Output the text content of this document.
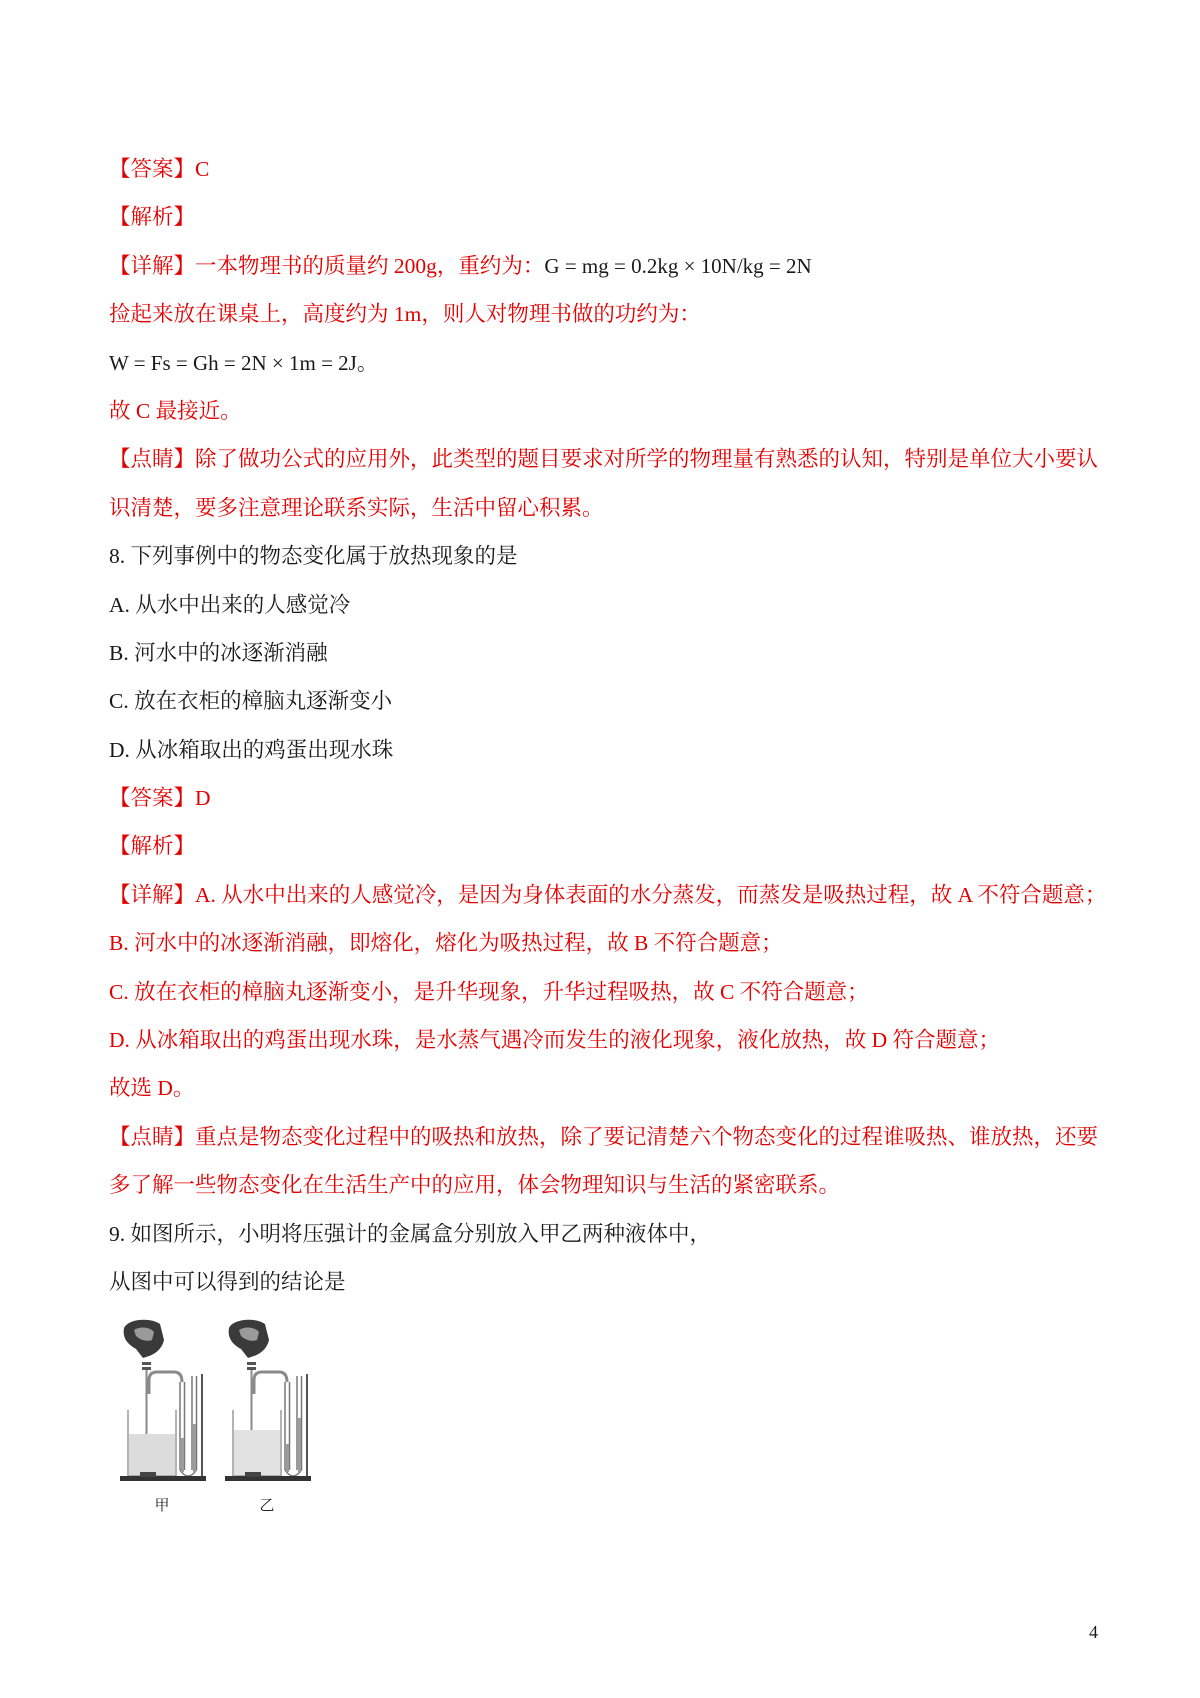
【答案】C
【解析】
【详解】一本物理书的质量约 200g，重约为：G = mg = 0.2kg × 10N/kg = 2N
捡起来放在课桌上，高度约为 1m，则人对物理书做的功约为：
W = Fs = Gh = 2N × 1m = 2J。
故 C 最接近。
【点睛】除了做功公式的应用外，此类型的题目要求对所学的物理量有熟悉的认知，特别是单位大小要认
识清楚，要多注意理论联系实际，生活中留心积累。
8. 下列事例中的物态变化属于放热现象的是
A. 从水中出来的人感觉冷
B. 河水中的冰逐渐消融
C. 放在衣柜的樟脑丸逐渐变小
D. 从冰箱取出的鸡蛋出现水珠
【答案】D
【解析】
【详解】A. 从水中出来的人感觉冷，是因为身体表面的水分蒸发，而蒸发是吸热过程，故 A 不符合题意；
B. 河水中的冰逐渐消融，即熔化，熔化为吸热过程，故 B 不符合题意；
C. 放在衣柜的樟脑丸逐渐变小，是升华现象，升华过程吸热，故 C 不符合题意；
D. 从冰箱取出的鸡蛋出现水珠，是水蒸气遇冷而发生的液化现象，液化放热，故 D 符合题意；
故选 D。
【点睛】重点是物态变化过程中的吸热和放热，除了要记清楚六个物态变化的过程谁吸热、谁放热，还要
多了解一些物态变化在生活生产中的应用，体会物理知识与生活的紧密联系。
9. 如图所示，小明将压强计的金属盒分别放入甲乙两种液体中，
从图中可以得到的结论是
甲	乙
4
